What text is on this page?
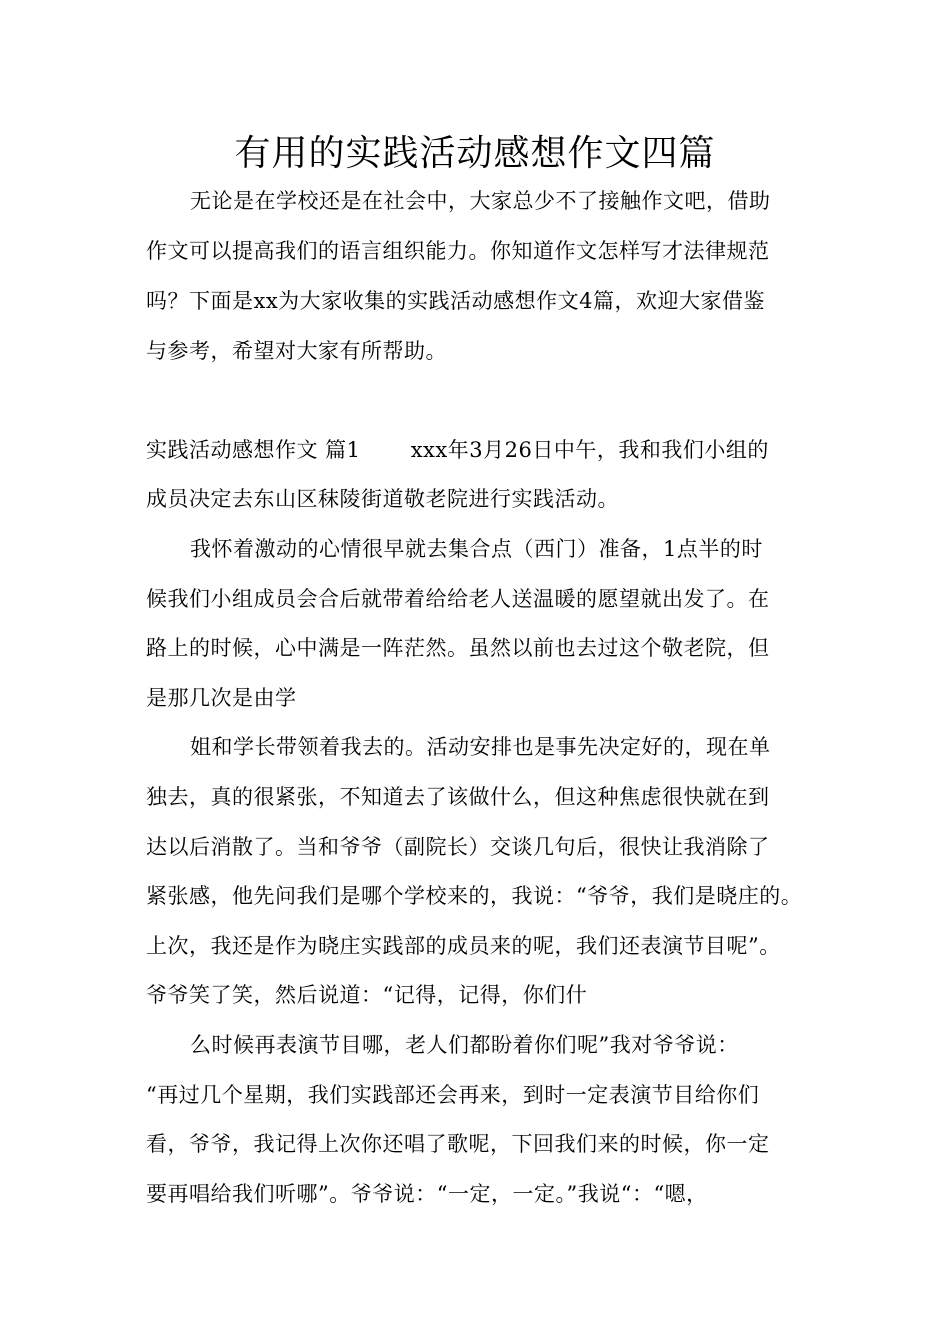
有用的实践活动感想作文四篇

无论是在学校还是在社会中，大家总少不了接触作文吧，借助

作文可以提高我们的语言组织能力。你知道作文怎样写才法律规范

吗？下面是xx为大家收集的实践活动感想作文4篇，欢迎大家借鉴

与参考，希望对大家有所帮助。

实践活动感想作文 篇1　　 xxx年3月26日中午，我和我们小组的

成员决定去东山区秣陵街道敬老院进行实践活动。

我怀着激动的心情很早就去集合点（西门）准备，1点半的时

候我们小组成员会合后就带着给给老人送温暖的愿望就出发了。在

路上的时候，心中满是一阵茫然。虽然以前也去过这个敬老院，但

是那几次是由学

姐和学长带领着我去的。活动安排也是事先决定好的，现在单

独去，真的很紧张，不知道去了该做什么，但这种焦虑很快就在到

达以后消散了。当和爷爷（副院长）交谈几句后，很快让我消除了

紧张感，他先问我们是哪个学校来的，我说：“爷爷，我们是晓庄的。

上次，我还是作为晓庄实践部的成员来的呢，我们还表演节目呢”。

爷爷笑了笑，然后说道：“记得，记得，你们什

么时候再表演节目哪，老人们都盼着你们呢”我对爷爷说：

“再过几个星期，我们实践部还会再来，到时一定表演节目给你们

看，爷爷，我记得上次你还唱了歌呢，下回我们来的时候，你一定

要再唱给我们听哪”。爷爷说：“一定，一定。”我说“：“嗯，
